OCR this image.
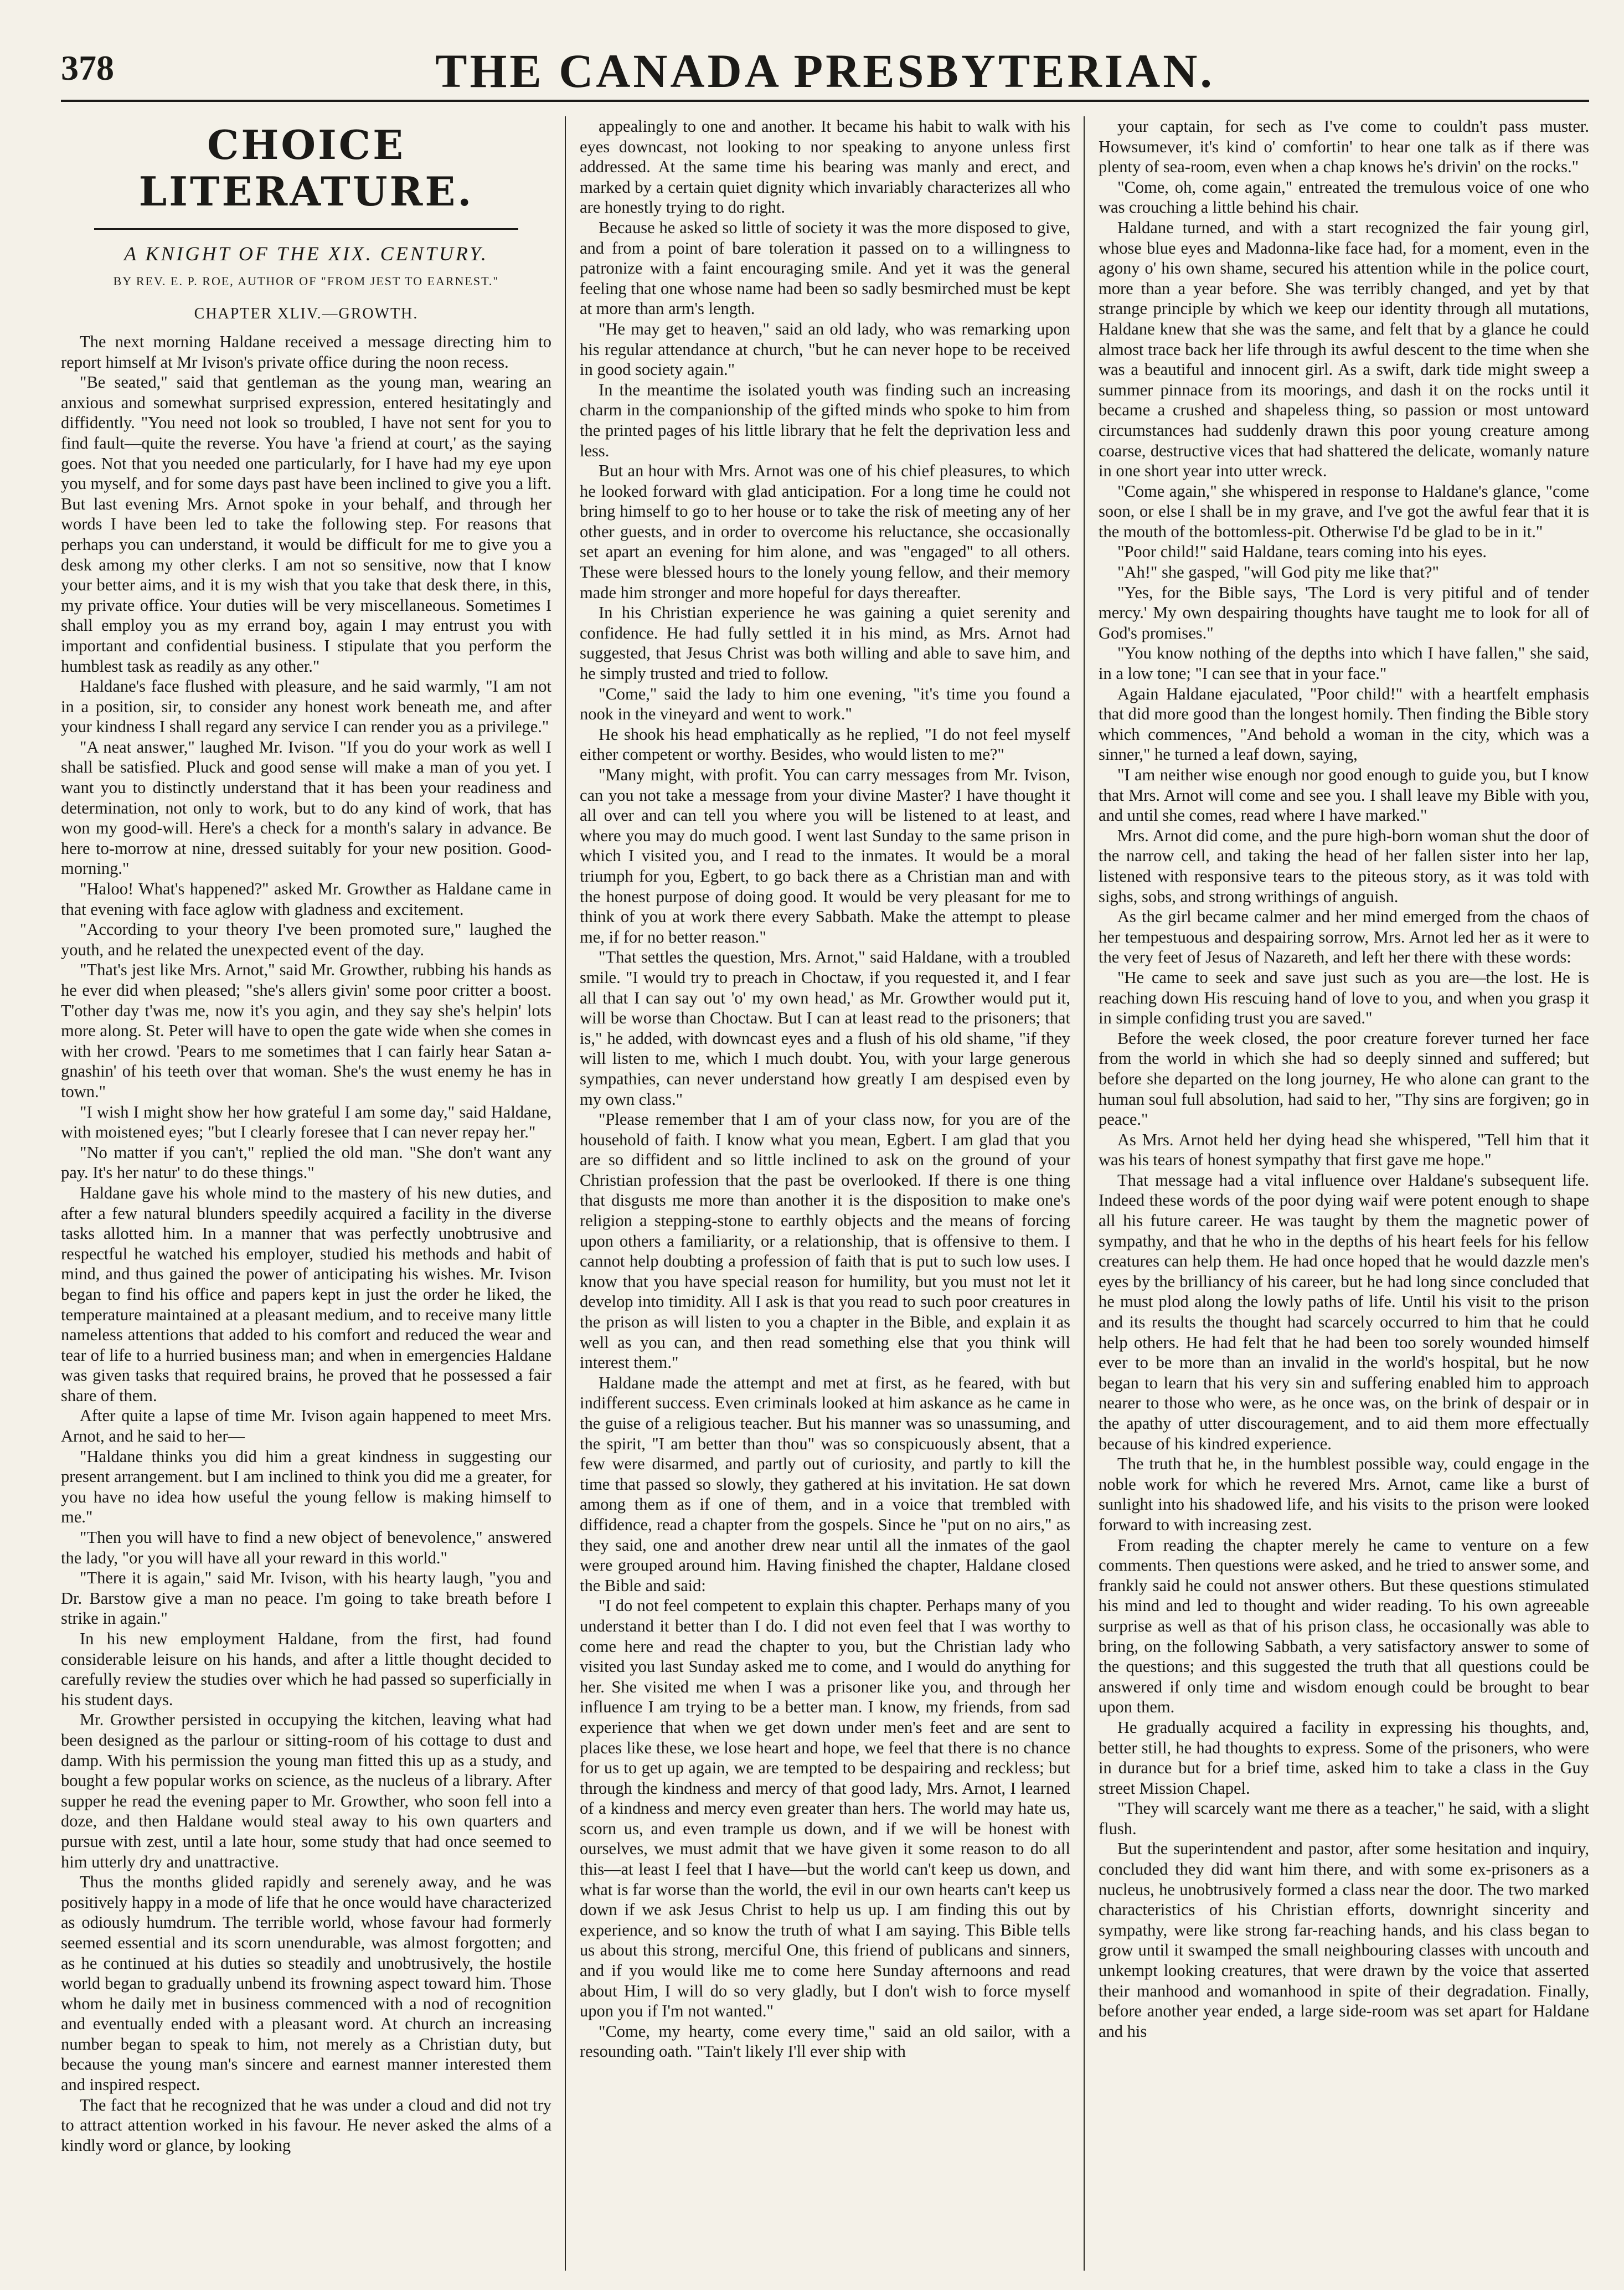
378	THE CANADA PRESBYTERIAN.
CHOICE LITERATURE.
A KNIGHT OF THE XIX. CENTURY.
BY REV. E. P. ROE, AUTHOR OF "FROM JEST TO EARNEST."
CHAPTER XLIV.—GROWTH.

The next morning Haldane received a message directing him to report himself at Mr Ivison's private office during the noon recess.

"Be seated," said that gentleman as the young man, wearing an anxious and somewhat surprised expression, entered hesitatingly and diffidently. "You need not look so troubled, I have not sent for you to find fault—quite the reverse. You have 'a friend at court,' as the saying goes. Not that you needed one particularly, for I have had my eye upon you myself, and for some days past have been inclined to give you a lift. But last evening Mrs. Arnot spoke in your behalf, and through her words I have been led to take the following step. For reasons that perhaps you can understand, it would be difficult for me to give you a desk among my other clerks. I am not so sensitive, now that I know your better aims, and it is my wish that you take that desk there, in this, my private office. Your duties will be very miscellaneous. Sometimes I shall employ you as my errand boy, again I may entrust you with important and confidential business. I stipulate that you perform the humblest task as readily as any other."

Haldane's face flushed with pleasure, and he said warmly, "I am not in a position, sir, to consider any honest work beneath me, and after your kindness I shall regard any service I can render you as a privilege."

"A neat answer," laughed Mr. Ivison. "If you do your work as well I shall be satisfied. Pluck and good sense will make a man of you yet. I want you to distinctly understand that it has been your readiness and determination, not only to work, but to do any kind of work, that has won my good-will. Here's a check for a month's salary in advance. Be here to-morrow at nine, dressed suitably for your new position. Good-morning."

"Haloo! What's happened?" asked Mr. Growther as Haldane came in that evening with face aglow with gladness and excitement.

"According to your theory I've been promoted sure," laughed the youth, and he related the unexpected event of the day.

"That's jest like Mrs. Arnot," said Mr. Growther, rubbing his hands as he ever did when pleased; "she's allers givin' some poor critter a boost. T'other day t'was me, now it's you agin, and they say she's helpin' lots more along. St. Peter will have to open the gate wide when she comes in with her crowd. 'Pears to me sometimes that I can fairly hear Satan a-gnashin' of his teeth over that woman. She's the wust enemy he has in town."

"I wish I might show her how grateful I am some day," said Haldane, with moistened eyes; "but I clearly foresee that I can never repay her."

"No matter if you can't," replied the old man. "She don't want any pay. It's her natur' to do these things."

Haldane gave his whole mind to the mastery of his new duties, and after a few natural blunders speedily acquired a facility in the diverse tasks allotted him. In a manner that was perfectly unobtrusive and respectful he watched his employer, studied his methods and habit of mind, and thus gained the power of anticipating his wishes. Mr. Ivison began to find his office and papers kept in just the order he liked, the temperature maintained at a pleasant medium, and to receive many little nameless attentions that added to his comfort and reduced the wear and tear of life to a hurried business man; and when in emergencies Haldane was given tasks that required brains, he proved that he possessed a fair share of them.

After quite a lapse of time Mr. Ivison again happened to meet Mrs. Arnot, and he said to her—

"Haldane thinks you did him a great kindness in suggesting our present arrangement. but I am inclined to think you did me a greater, for you have no idea how useful the young fellow is making himself to me."

"Then you will have to find a new object of benevolence," answered the lady, "or you will have all your reward in this world."

"There it is again," said Mr. Ivison, with his hearty laugh, "you and Dr. Barstow give a man no peace. I'm going to take breath before I strike in again."

In his new employment Haldane, from the first, had found considerable leisure on his hands, and after a little thought decided to carefully review the studies over which he had passed so superficially in his student days.

Mr. Growther persisted in occupying the kitchen, leaving what had been designed as the parlour or sitting-room of his cottage to dust and damp. With his permission the young man fitted this up as a study, and bought a few popular works on science, as the nucleus of a library. After supper he read the evening paper to Mr. Growther, who soon fell into a doze, and then Haldane would steal away to his own quarters and pursue with zest, until a late hour, some study that had once seemed to him utterly dry and unattractive.

Thus the months glided rapidly and serenely away, and he was positively happy in a mode of life that he once would have characterized as odiously humdrum. The terrible world, whose favour had formerly seemed essential and its scorn unendurable, was almost forgotten; and as he continued at his duties so steadily and unobtrusively, the hostile world began to gradually unbend its frowning aspect toward him. Those whom he daily met in business commenced with a nod of recognition and eventually ended with a pleasant word. At church an increasing number began to speak to him, not merely as a Christian duty, but because the young man's sincere and earnest manner interested them and inspired respect.

The fact that he recognized that he was under a cloud and did not try to attract attention worked in his favour. He never asked the alms of a kindly word or glance, by looking

appealingly to one and another. It became his habit to walk with his eyes downcast, not looking to nor speaking to anyone unless first addressed. At the same time his bearing was manly and erect, and marked by a certain quiet dignity which invariably characterizes all who are honestly trying to do right.

Because he asked so little of society it was the more disposed to give, and from a point of bare toleration it passed on to a willingness to patronize with a faint encouraging smile. And yet it was the general feeling that one whose name had been so sadly besmirched must be kept at more than arm's length.

"He may get to heaven," said an old lady, who was remarking upon his regular attendance at church, "but he can never hope to be received in good society again."

In the meantime the isolated youth was finding such an increasing charm in the companionship of the gifted minds who spoke to him from the printed pages of his little library that he felt the deprivation less and less.

But an hour with Mrs. Arnot was one of his chief pleasures, to which he looked forward with glad anticipation. For a long time he could not bring himself to go to her house or to take the risk of meeting any of her other guests, and in order to overcome his reluctance, she occasionally set apart an evening for him alone, and was "engaged" to all others. These were blessed hours to the lonely young fellow, and their memory made him stronger and more hopeful for days thereafter.

In his Christian experience he was gaining a quiet serenity and confidence. He had fully settled it in his mind, as Mrs. Arnot had suggested, that Jesus Christ was both willing and able to save him, and he simply trusted and tried to follow.

"Come," said the lady to him one evening, "it's time you found a nook in the vineyard and went to work."

He shook his head emphatically as he replied, "I do not feel myself either competent or worthy. Besides, who would listen to me?"

"Many might, with profit. You can carry messages from Mr. Ivison, can you not take a message from your divine Master? I have thought it all over and can tell you where you will be listened to at least, and where you may do much good. I went last Sunday to the same prison in which I visited you, and I read to the inmates. It would be a moral triumph for you, Egbert, to go back there as a Christian man and with the honest purpose of doing good. It would be very pleasant for me to think of you at work there every Sabbath. Make the attempt to please me, if for no better reason."

"That settles the question, Mrs. Arnot," said Haldane, with a troubled smile. "I would try to preach in Choctaw, if you requested it, and I fear all that I can say out 'o' my own head,' as Mr. Growther would put it, will be worse than Choctaw. But I can at least read to the prisoners; that is," he added, with downcast eyes and a flush of his old shame, "if they will listen to me, which I much doubt. You, with your large generous sympathies, can never understand how greatly I am despised even by my own class."

"Please remember that I am of your class now, for you are of the household of faith. I know what you mean, Egbert. I am glad that you are so diffident and so little inclined to ask on the ground of your Christian profession that the past be overlooked. If there is one thing that disgusts me more than another it is the disposition to make one's religion a stepping-stone to earthly objects and the means of forcing upon others a familiarity, or a relationship, that is offensive to them. I cannot help doubting a profession of faith that is put to such low uses. I know that you have special reason for humility, but you must not let it develop into timidity. All I ask is that you read to such poor creatures in the prison as will listen to you a chapter in the Bible, and explain it as well as you can, and then read something else that you think will interest them."

Haldane made the attempt and met at first, as he feared, with but indifferent success. Even criminals looked at him askance as he came in the guise of a religious teacher. But his manner was so unassuming, and the spirit, "I am better than thou" was so conspicuously absent, that a few were disarmed, and partly out of curiosity, and partly to kill the time that passed so slowly, they gathered at his invitation. He sat down among them as if one of them, and in a voice that trembled with diffidence, read a chapter from the gospels. Since he "put on no airs," as they said, one and another drew near until all the inmates of the gaol were grouped around him. Having finished the chapter, Haldane closed the Bible and said:

"I do not feel competent to explain this chapter. Perhaps many of you understand it better than I do. I did not even feel that I was worthy to come here and read the chapter to you, but the Christian lady who visited you last Sunday asked me to come, and I would do anything for her. She visited me when I was a prisoner like you, and through her influence I am trying to be a better man. I know, my friends, from sad experience that when we get down under men's feet and are sent to places like these, we lose heart and hope, we feel that there is no chance for us to get up again, we are tempted to be despairing and reckless; but through the kindness and mercy of that good lady, Mrs. Arnot, I learned of a kindness and mercy even greater than hers. The world may hate us, scorn us, and even trample us down, and if we will be honest with ourselves, we must admit that we have given it some reason to do all this—at least I feel that I have—but the world can't keep us down, and what is far worse than the world, the evil in our own hearts can't keep us down if we ask Jesus Christ to help us up. I am finding this out by experience, and so know the truth of what I am saying. This Bible tells us about this strong, merciful One, this friend of publicans and sinners, and if you would like me to come here Sunday afternoons and read about Him, I will do so very gladly, but I don't wish to force myself upon you if I'm not wanted."

"Come, my hearty, come every time," said an old sailor, with a resounding oath. "Tain't likely I'll ever ship with

your captain, for sech as I've come to couldn't pass muster. Howsumever, it's kind o' comfortin' to hear one talk as if there was plenty of sea-room, even when a chap knows he's drivin' on the rocks."

"Come, oh, come again," entreated the tremulous voice of one who was crouching a little behind his chair.

Haldane turned, and with a start recognized the fair young girl, whose blue eyes and Madonna-like face had, for a moment, even in the agony o' his own shame, secured his attention while in the police court, more than a year before. She was terribly changed, and yet by that strange principle by which we keep our identity through all mutations, Haldane knew that she was the same, and felt that by a glance he could almost trace back her life through its awful descent to the time when she was a beautiful and innocent girl. As a swift, dark tide might sweep a summer pinnace from its moorings, and dash it on the rocks until it became a crushed and shapeless thing, so passion or most untoward circumstances had suddenly drawn this poor young creature among coarse, destructive vices that had shattered the delicate, womanly nature in one short year into utter wreck.

"Come again," she whispered in response to Haldane's glance, "come soon, or else I shall be in my grave, and I've got the awful fear that it is the mouth of the bottomless-pit. Otherwise I'd be glad to be in it."

"Poor child!" said Haldane, tears coming into his eyes.

"Ah!" she gasped, "will God pity me like that?"

"Yes, for the Bible says, 'The Lord is very pitiful and of tender mercy.' My own despairing thoughts have taught me to look for all of God's promises."

"You know nothing of the depths into which I have fallen," she said, in a low tone; "I can see that in your face."

Again Haldane ejaculated, "Poor child!" with a heartfelt emphasis that did more good than the longest homily. Then finding the Bible story which commences, "And behold a woman in the city, which was a sinner," he turned a leaf down, saying,

"I am neither wise enough nor good enough to guide you, but I know that Mrs. Arnot will come and see you. I shall leave my Bible with you, and until she comes, read where I have marked."

Mrs. Arnot did come, and the pure high-born woman shut the door of the narrow cell, and taking the head of her fallen sister into her lap, listened with responsive tears to the piteous story, as it was told with sighs, sobs, and strong writhings of anguish.

As the girl became calmer and her mind emerged from the chaos of her tempestuous and despairing sorrow, Mrs. Arnot led her as it were to the very feet of Jesus of Nazareth, and left her there with these words:

"He came to seek and save just such as you are—the lost. He is reaching down His rescuing hand of love to you, and when you grasp it in simple confiding trust you are saved."

Before the week closed, the poor creature forever turned her face from the world in which she had so deeply sinned and suffered; but before she departed on the long journey, He who alone can grant to the human soul full absolution, had said to her, "Thy sins are forgiven; go in peace."

As Mrs. Arnot held her dying head she whispered, "Tell him that it was his tears of honest sympathy that first gave me hope."

That message had a vital influence over Haldane's subsequent life. Indeed these words of the poor dying waif were potent enough to shape all his future career. He was taught by them the magnetic power of sympathy, and that he who in the depths of his heart feels for his fellow creatures can help them. He had once hoped that he would dazzle men's eyes by the brilliancy of his career, but he had long since concluded that he must plod along the lowly paths of life. Until his visit to the prison and its results the thought had scarcely occurred to him that he could help others. He had felt that he had been too sorely wounded himself ever to be more than an invalid in the world's hospital, but he now began to learn that his very sin and suffering enabled him to approach nearer to those who were, as he once was, on the brink of despair or in the apathy of utter discouragement, and to aid them more effectually because of his kindred experience.

The truth that he, in the humblest possible way, could engage in the noble work for which he revered Mrs. Arnot, came like a burst of sunlight into his shadowed life, and his visits to the prison were looked forward to with increasing zest.

From reading the chapter merely he came to venture on a few comments. Then questions were asked, and he tried to answer some, and frankly said he could not answer others. But these questions stimulated his mind and led to thought and wider reading. To his own agreeable surprise as well as that of his prison class, he occasionally was able to bring, on the following Sabbath, a very satisfactory answer to some of the questions; and this suggested the truth that all questions could be answered if only time and wisdom enough could be brought to bear upon them.

He gradually acquired a facility in expressing his thoughts, and, better still, he had thoughts to express. Some of the prisoners, who were in durance but for a brief time, asked him to take a class in the Guy street Mission Chapel.

"They will scarcely want me there as a teacher," he said, with a slight flush.

But the superintendent and pastor, after some hesitation and inquiry, concluded they did want him there, and with some ex-prisoners as a nucleus, he unobtrusively formed a class near the door. The two marked characteristics of his Christian efforts, downright sincerity and sympathy, were like strong far-reaching hands, and his class began to grow until it swamped the small neighbouring classes with uncouth and unkempt looking creatures, that were drawn by the voice that asserted their manhood and womanhood in spite of their degradation. Finally, before another year ended, a large side-room was set apart for Haldane and his
